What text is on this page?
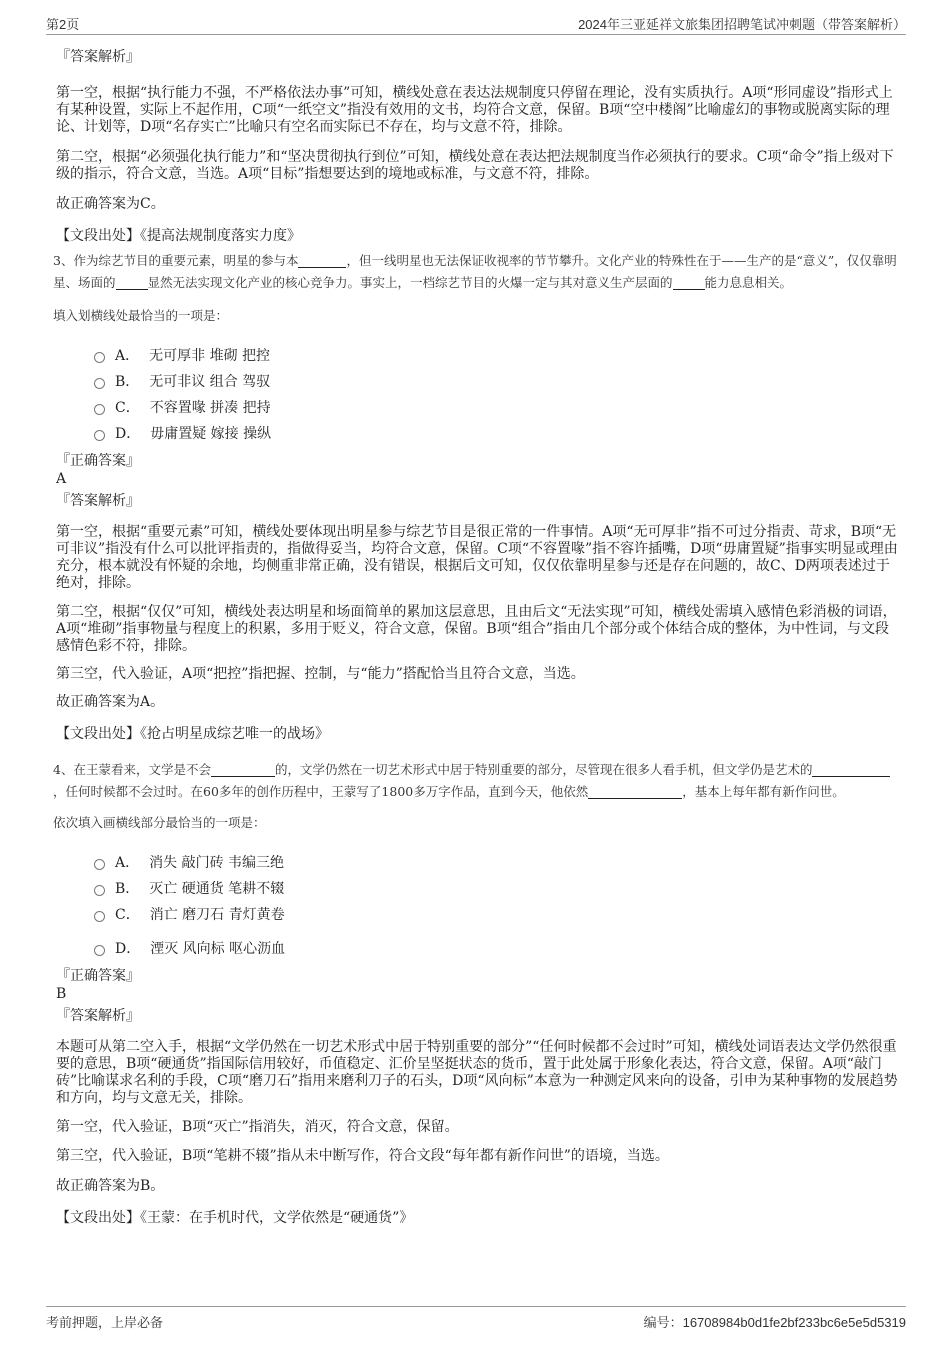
第2页	2024年三亚延祥文旅集团招聘笔试冲刺题（带答案解析）

『答案解析』

第一空，根据“执行能力不强，不严格依法办事”可知，横线处意在表达法规制度只停留在理论，没有实质执行。A项“形同虚设”指形式上有某种设置，实际上不起作用，C项“一纸空文”指没有效用的文书，均符合文意，保留。B项“空中楼阁”比喻虚幻的事物或脱离实际的理论、计划等，D项“名存实亡”比喻只有空名而实际已不存在，均与文意不符，排除。

第二空，根据“必须强化执行能力”和“坚决贯彻执行到位”可知，横线处意在表达把法规制度当作必须执行的要求。C项“命令”指上级对下级的指示，符合文意，当选。A项“目标”指想要达到的境地或标准，与文意不符，排除。

故正确答案为C。

【文段出处】《提高法规制度落实力度》

3、作为综艺节目的重要元素，明星的参与本	，但一线明星也无法保证收视率的节节攀升。文化产业的特殊性在于——生产的是“意义”，仅仅靠明星、场面的	显然无法实现文化产业的核心竞争力。事实上，一档综艺节目的火爆一定与其对意义生产层面的	能力息息相关。

填入划横线处最恰当的一项是：

A． 无可厚非 堆砌 把控
B． 无可非议 组合 驾驭
C． 不容置喙 拼凑 把持
D． 毋庸置疑 嫁接 操纵

『正确答案』

A

『答案解析』

第一空，根据“重要元素”可知，横线处要体现出明星参与综艺节目是很正常的一件事情。A项“无可厚非”指不可过分指责、苛求，B项“无可非议”指没有什么可以批评指责的，指做得妥当，均符合文意，保留。C项“不容置喙”指不容许插嘴，D项“毋庸置疑”指事实明显或理由充分，根本就没有怀疑的余地，均侧重非常正确，没有错误，根据后文可知，仅仅依靠明星参与还是存在问题的，故C、D两项表述过于绝对，排除。

第二空，根据“仅仅”可知，横线处表达明星和场面简单的累加这层意思，且由后文“无法实现”可知，横线处需填入感情色彩消极的词语，A项“堆砌”指事物量与程度上的积累，多用于贬义，符合文意，保留。B项“组合”指由几个部分或个体结合成的整体，为中性词，与文段感情色彩不符，排除。

第三空，代入验证，A项“把控”指把握、控制，与“能力”搭配恰当且符合文意，当选。

故正确答案为A。

【文段出处】《抢占明星成综艺唯一的战场》

4、在王蒙看来，文学是不会	的，文学仍然在一切艺术形式中居于特别重要的部分，尽管现在很多人看手机，但文学仍是艺术的，任何时候都不会过时。在60多年的创作历程中，王蒙写了1800多万字作品，直到今天，他依然	，基本上每年都有新作问世。

依次填入画横线部分最恰当的一项是：

A． 消失 敲门砖 韦编三绝
B． 灭亡 硬通货 笔耕不辍
C． 消亡 磨刀石 青灯黄卷
D． 湮灭 风向标 呕心沥血

『正确答案』

B

『答案解析』

本题可从第二空入手，根据“文学仍然在一切艺术形式中居于特别重要的部分”“任何时候都不会过时”可知，横线处词语表达文学仍然很重要的意思，B项“硬通货”指国际信用较好，币值稳定、汇价呈坚挺状态的货币，置于此处属于形象化表达，符合文意，保留。A项“敲门砖”比喻谋求名利的手段，C项“磨刀石”指用来磨利刀子的石头，D项“风向标”本意为一种测定风来向的设备，引申为某种事物的发展趋势和方向，均与文意无关，排除。

第一空，代入验证，B项“灭亡”指消失，消灭，符合文意，保留。

第三空，代入验证，B项“笔耕不辍”指从未中断写作，符合文段“每年都有新作问世”的语境，当选。

故正确答案为B。

【文段出处】《王蒙：在手机时代，文学依然是“硬通货”》

考前押题，上岸必备	编号：16708984b0d1fe2bf233bc6e5e5d5319
